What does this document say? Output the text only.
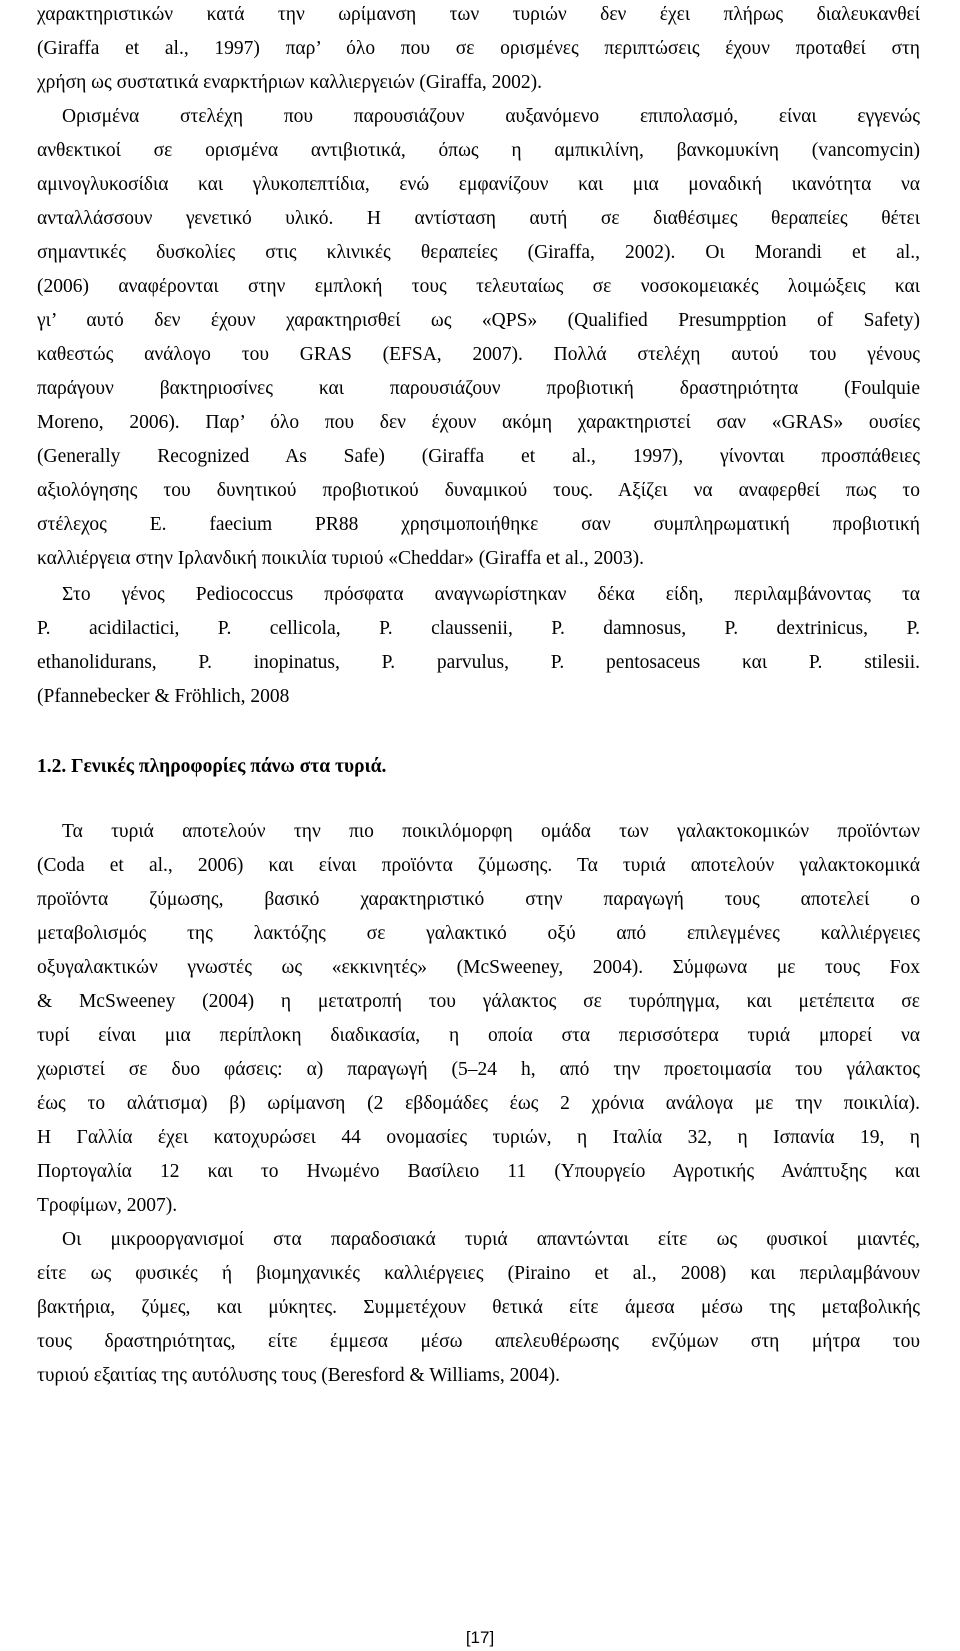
χαρακτηριστικών κατά την ωρίμανση των τυριών δεν έχει πλήρως διαλευκανθεί
(Giraffa et al., 1997) παρ’ όλο που σε ορισμένες περιπτώσεις έχουν προταθεί στη
χρήση ως συστατικά εναρκτήριων καλλιεργειών (Giraffa, 2002).
Ορισμένα στελέχη που παρουσιάζουν αυξανόμενο επιπολασμό, είναι εγγενώς
ανθεκτικοί σε ορισμένα αντιβιοτικά, όπως η αμπικιλίνη, βανκομυκίνη (vancomycin)
αμινογλυκοσίδια και γλυκοπεπτίδια, ενώ εμφανίζουν και μια μοναδική ικανότητα να
ανταλλάσσουν γενετικό υλικό. Η αντίσταση αυτή σε διαθέσιμες θεραπείες θέτει
σημαντικές δυσκολίες στις κλινικές θεραπείες (Giraffa, 2002). Οι Morandi et al.,
(2006) αναφέρονται στην εμπλοκή τους τελευταίως σε νοσοκομειακές λοιμώξεις και
γι’ αυτό δεν έχουν χαρακτηρισθεί ως «QPS» (Qualified Presumpption of Safety)
καθεστώς ανάλογο του GRAS (EFSA, 2007). Πολλά στελέχη αυτού του γένους
παράγουν βακτηριοσίνες και παρουσιάζουν προβιοτική δραστηριότητα (Foulquie
Moreno, 2006). Παρ’ όλο που δεν έχουν ακόμη χαρακτηριστεί σαν «GRAS» ουσίες
(Generally Recognized As Safe) (Giraffa et al., 1997), γίνονται προσπάθειες
αξιολόγησης του δυνητικού προβιοτικού δυναμικού τους. Αξίζει να αναφερθεί πως το
στέλεχος E. faecium PR88 χρησιμοποιήθηκε σαν συμπληρωματική προβιοτική
καλλιέργεια στην Ιρλανδική ποικιλία τυριού «Cheddar» (Giraffa et al., 2003).
Στο γένος Pediococcus πρόσφατα αναγνωρίστηκαν δέκα είδη, περιλαμβάνοντας τα
P. acidilactici, P. cellicola, P. claussenii, P. damnosus, P. dextrinicus, P.
ethanolidurans, P. inopinatus, P. parvulus, P. pentosaceus και P. stilesii.
(Pfannebecker & Fröhlich, 2008
1.2. Γενικές πληροφορίες πάνω στα τυριά.
Τα τυριά αποτελούν την πιο ποικιλόμορφη ομάδα των γαλακτοκομικών προϊόντων
(Coda et al., 2006) και είναι προϊόντα ζύμωσης. Τα τυριά αποτελούν γαλακτοκομικά
προϊόντα ζύμωσης, βασικό χαρακτηριστικό στην παραγωγή τους αποτελεί ο
μεταβολισμός της λακτόζης σε γαλακτικό οξύ από επιλεγμένες καλλιέργειες
οξυγαλακτικών γνωστές ως «εκκινητές» (McSweeney, 2004). Σύμφωνα με τους Fox
& McSweeney (2004) η μετατροπή του γάλακτος σε τυρόπηγμα, και μετέπειτα σε
τυρί είναι μια περίπλοκη διαδικασία, η οποία στα περισσότερα τυριά μπορεί να
χωριστεί σε δυο φάσεις: α) παραγωγή (5–24 h, από την προετοιμασία του γάλακτος
έως το αλάτισμα) β) ωρίμανση (2 εβδομάδες έως 2 χρόνια ανάλογα με την ποικιλία).
Η Γαλλία έχει κατοχυρώσει 44 ονομασίες τυριών, η Ιταλία 32, η Ισπανία 19, η
Πορτογαλία 12 και το Ηνωμένο Βασίλειο 11 (Υπουργείο Αγροτικής Ανάπτυξης και
Τροφίμων, 2007).
Οι μικροοργανισμοί στα παραδοσιακά τυριά απαντώνται είτε ως φυσικοί μιαντές,
είτε ως φυσικές ή βιομηχανικές καλλιέργειες (Piraino et al., 2008) και περιλαμβάνουν
βακτήρια, ζύμες, και μύκητες. Συμμετέχουν θετικά είτε άμεσα μέσω της μεταβολικής
τους δραστηριότητας, είτε έμμεσα μέσω απελευθέρωσης ενζύμων στη μήτρα του
τυριού εξαιτίας της αυτόλυσης τους (Beresford & Williams, 2004).
[17]
